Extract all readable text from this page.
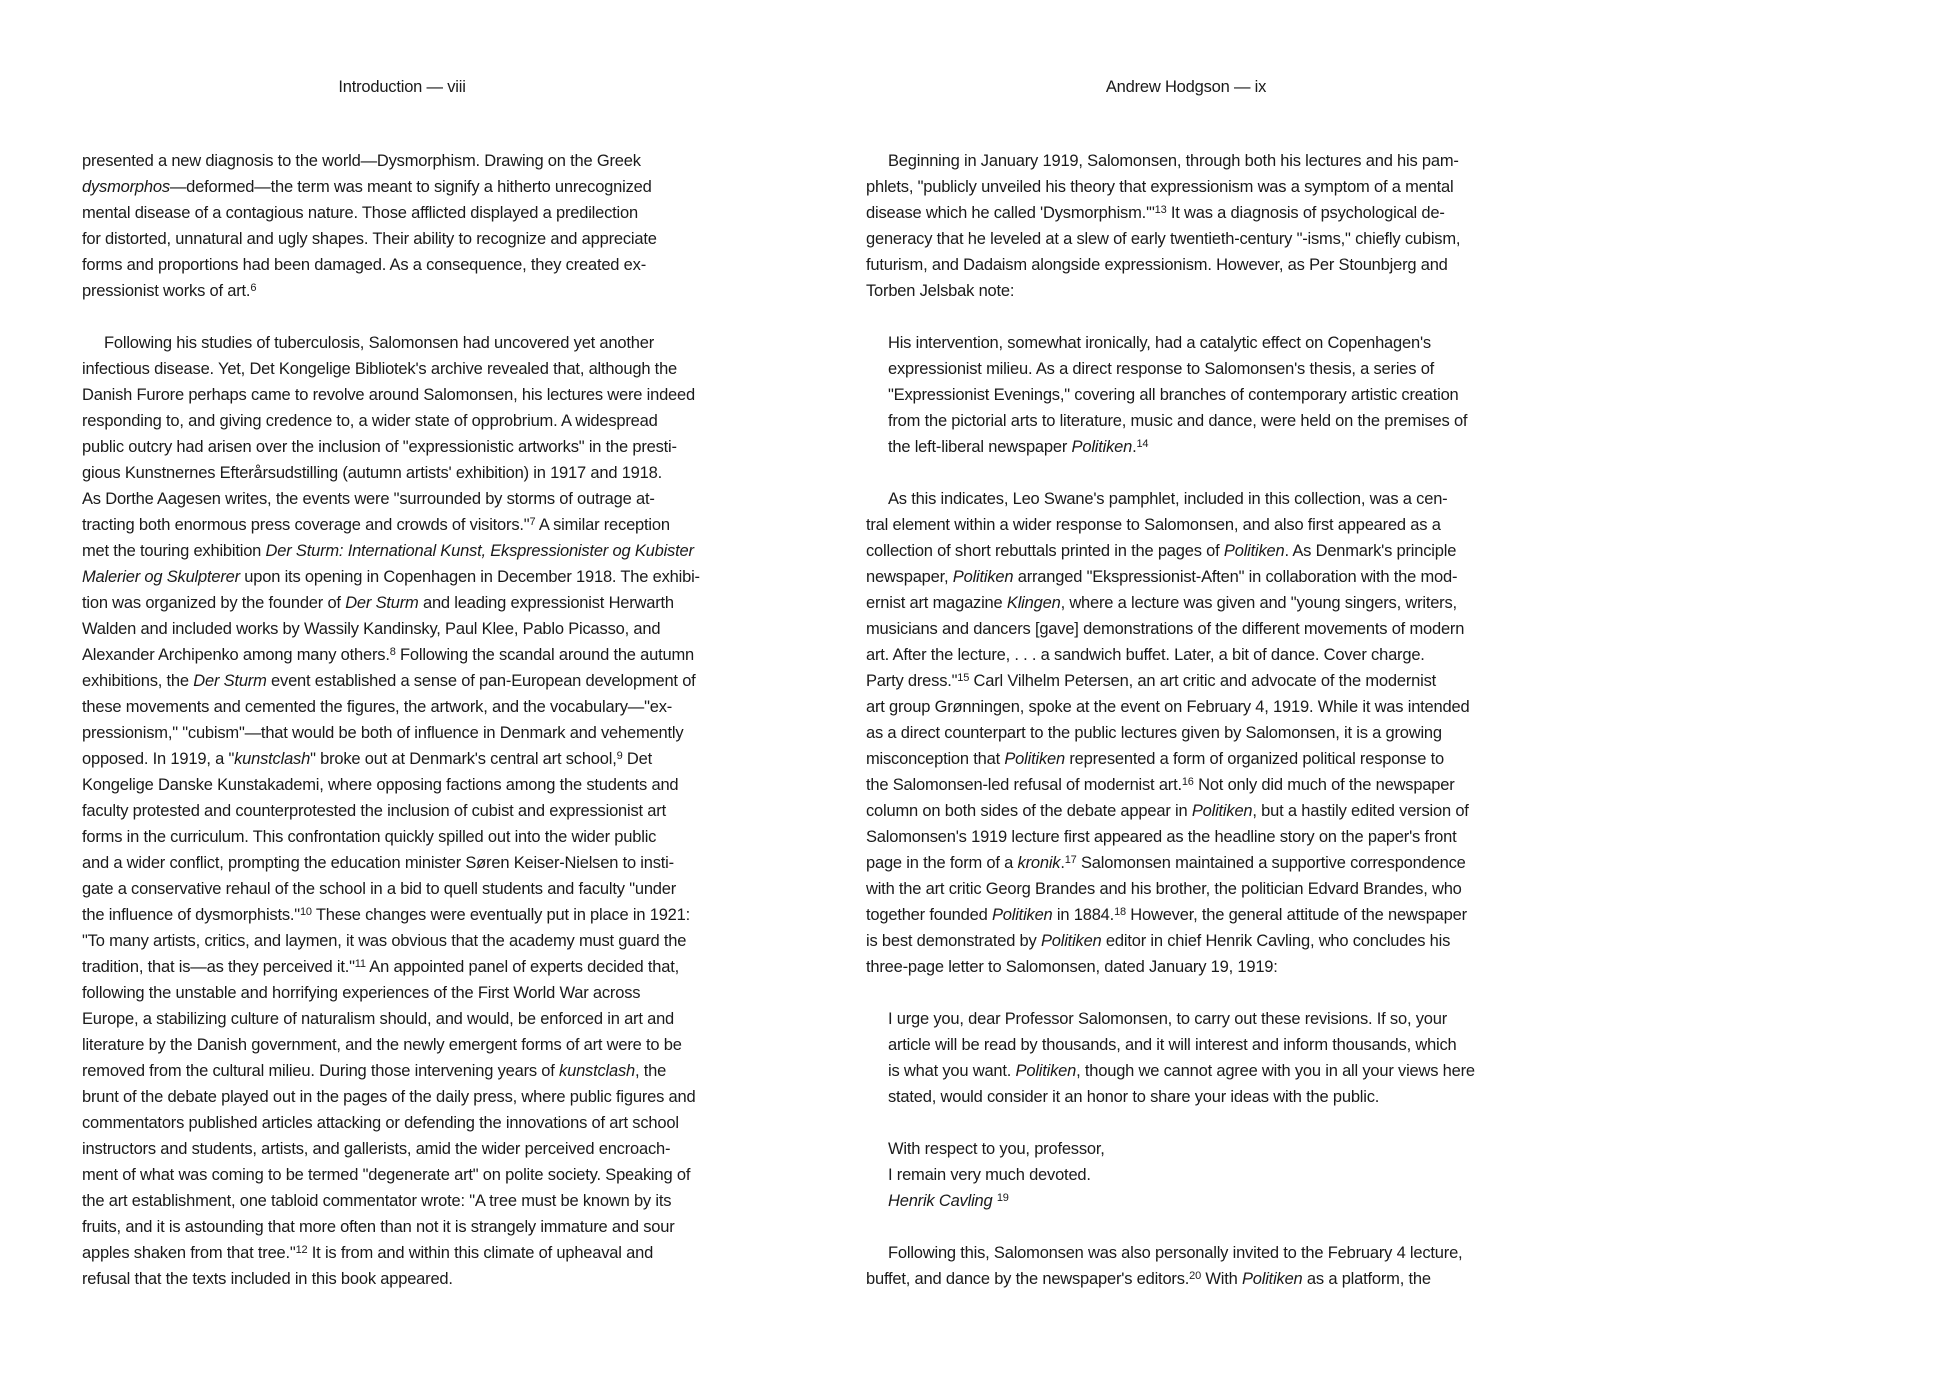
Introduction — viii	Andrew Hodgson — ix
presented a new diagnosis to the world—Dysmorphism. Drawing on the Greek
dysmorphos—deformed—the term was meant to signify a hitherto unrecognized
mental disease of a contagious nature. Those afflicted displayed a predilection
for distorted, unnatural and ugly shapes. Their ability to recognize and appreciate
forms and proportions had been damaged. As a consequence, they created ex-
pressionist works of art.$^6$
Following his studies of tuberculosis, Salomonsen had uncovered yet another
infectious disease. Yet, Det Kongelige Bibliotek's archive revealed that, although the
Danish Furore perhaps came to revolve around Salomonsen, his lectures were indeed
responding to, and giving credence to, a wider state of opprobrium. A widespread
public outcry had arisen over the inclusion of "expressionistic artworks" in the presti-
gious Kunstnernes Efterårsudstilling (autumn artists' exhibition) in 1917 and 1918.
As Dorthe Aagesen writes, the events were "surrounded by storms of outrage at-
tracting both enormous press coverage and crowds of visitors."$^7$ A similar reception
met the touring exhibition Der Sturm: International Kunst, Ekspressionister og Kubister
Malerier og Skulpterer upon its opening in Copenhagen in December 1918. The exhibi-
tion was organized by the founder of Der Sturm and leading expressionist Herwarth
Walden and included works by Wassily Kandinsky, Paul Klee, Pablo Picasso, and
Alexander Archipenko among many others.$^8$ Following the scandal around the autumn
exhibitions, the Der Sturm event established a sense of pan-European development of
these movements and cemented the figures, the artwork, and the vocabulary—"ex-
pressionism," "cubism"—that would be both of influence in Denmark and vehemently
opposed. In 1919, a "kunstclash" broke out at Denmark's central art school,$^9$ Det
Kongelige Danske Kunstakademi, where opposing factions among the students and
faculty protested and counterprotested the inclusion of cubist and expressionist art
forms in the curriculum. This confrontation quickly spilled out into the wider public
and a wider conflict, prompting the education minister Søren Keiser-Nielsen to insti-
gate a conservative rehaul of the school in a bid to quell students and faculty "under
the influence of dysmorphists."$^{10}$ These changes were eventually put in place in 1921:
"To many artists, critics, and laymen, it was obvious that the academy must guard the
tradition, that is—as they perceived it."$^{11}$ An appointed panel of experts decided that,
following the unstable and horrifying experiences of the First World War across
Europe, a stabilizing culture of naturalism should, and would, be enforced in art and
literature by the Danish government, and the newly emergent forms of art were to be
removed from the cultural milieu. During those intervening years of kunstclash, the
brunt of the debate played out in the pages of the daily press, where public figures and
commentators published articles attacking or defending the innovations of art school
instructors and students, artists, and gallerists, amid the wider perceived encroach-
ment of what was coming to be termed "degenerate art" on polite society. Speaking of
the art establishment, one tabloid commentator wrote: "A tree must be known by its
fruits, and it is astounding that more often than not it is strangely immature and sour
apples shaken from that tree."$^{12}$ It is from and within this climate of upheaval and
refusal that the texts included in this book appeared.
Beginning in January 1919, Salomonsen, through both his lectures and his pam-
phlets, "publicly unveiled his theory that expressionism was a symptom of a mental
disease which he called 'Dysmorphism.'"$^{13}$ It was a diagnosis of psychological de-
generacy that he leveled at a slew of early twentieth-century "-isms," chiefly cubism,
futurism, and Dadaism alongside expressionism. However, as Per Stounbjerg and
Torben Jelsbak note:
His intervention, somewhat ironically, had a catalytic effect on Copenhagen's
expressionist milieu. As a direct response to Salomonsen's thesis, a series of
"Expressionist Evenings," covering all branches of contemporary artistic creation
from the pictorial arts to literature, music and dance, were held on the premises of
the left-liberal newspaper Politiken.$^{14}$
As this indicates, Leo Swane's pamphlet, included in this collection, was a cen-
tral element within a wider response to Salomonsen, and also first appeared as a
collection of short rebuttals printed in the pages of Politiken. As Denmark's principle
newspaper, Politiken arranged "Ekspressionist-Aften" in collaboration with the mod-
ernist art magazine Klingen, where a lecture was given and "young singers, writers,
musicians and dancers [gave] demonstrations of the different movements of modern
art. After the lecture, . . . a sandwich buffet. Later, a bit of dance. Cover charge.
Party dress."$^{15}$ Carl Vilhelm Petersen, an art critic and advocate of the modernist
art group Grønningen, spoke at the event on February 4, 1919. While it was intended
as a direct counterpart to the public lectures given by Salomonsen, it is a growing
misconception that Politiken represented a form of organized political response to
the Salomonsen-led refusal of modernist art.$^{16}$ Not only did much of the newspaper
column on both sides of the debate appear in Politiken, but a hastily edited version of
Salomonsen's 1919 lecture first appeared as the headline story on the paper's front
page in the form of a kronik.$^{17}$ Salomonsen maintained a supportive correspondence
with the art critic Georg Brandes and his brother, the politician Edvard Brandes, who
together founded Politiken in 1884.18 However, the general attitude of the newspaper
is best demonstrated by Politiken editor in chief Henrik Cavling, who concludes his
three-page letter to Salomonsen, dated January 19, 1919:
I urge you, dear Professor Salomonsen, to carry out these revisions. If so, your
article will be read by thousands, and it will interest and inform thousands, which
is what you want. Politiken, though we cannot agree with you in all your views here
stated, would consider it an honor to share your ideas with the public.
With respect to you, professor,
I remain very much devoted.
Henrik Cavling $^{19}$
Following this, Salomonsen was also personally invited to the February 4 lecture,
buffet, and dance by the newspaper's editors.$^{20}$ With Politiken as a platform, the
